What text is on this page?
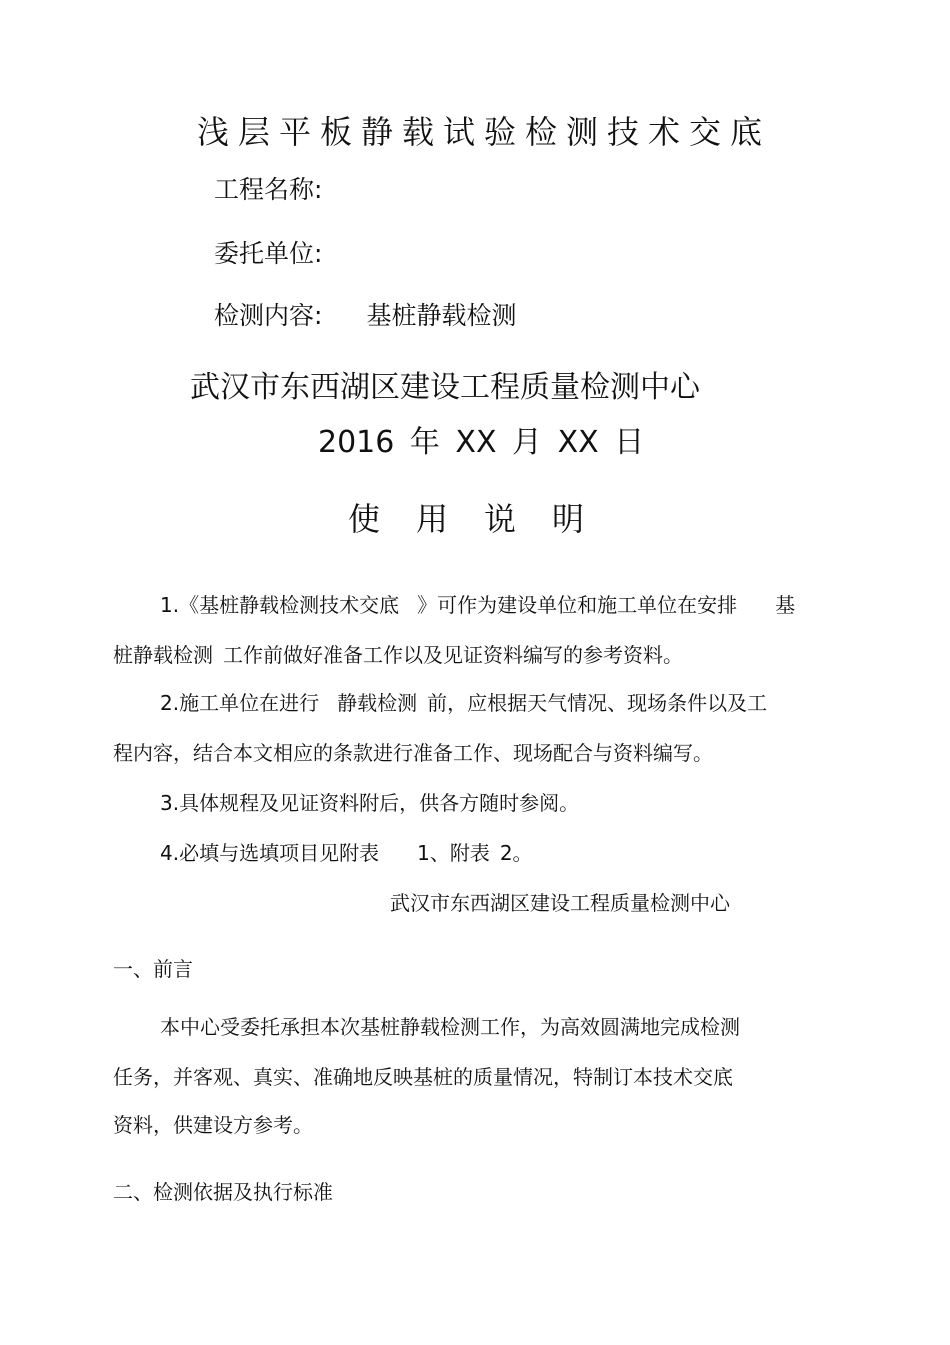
浅层平板静载试验检测技术交底
工程名称:
委托单位:
检测内容: 基桩静载检测
武汉市东西湖区建设工程质量检测中心
2016 年 XX 月 XX 日
使用说明
1.《基桩静载检测技术交底 》可作为建设单位和施工单位在安排 基
桩静载检测 工作前做好准备工作以及见证资料编写的参考资料。
2.施工单位在进行 静载检测 前，应根据天气情况、现场条件以及工
程内容，结合本文相应的条款进行准备工作、现场配合与资料编写。
3.具体规程及见证资料附后，供各方随时参阅。
4.必填与选填项目见附表 1、附表 2。
武汉市东西湖区建设工程质量检测中心
一、前言
本中心受委托承担本次基桩静载检测工作，为高效圆满地完成检测
任务，并客观、真实、准确地反映基桩的质量情况，特制订本技术交底
资料，供建设方参考。
二、检测依据及执行标准
